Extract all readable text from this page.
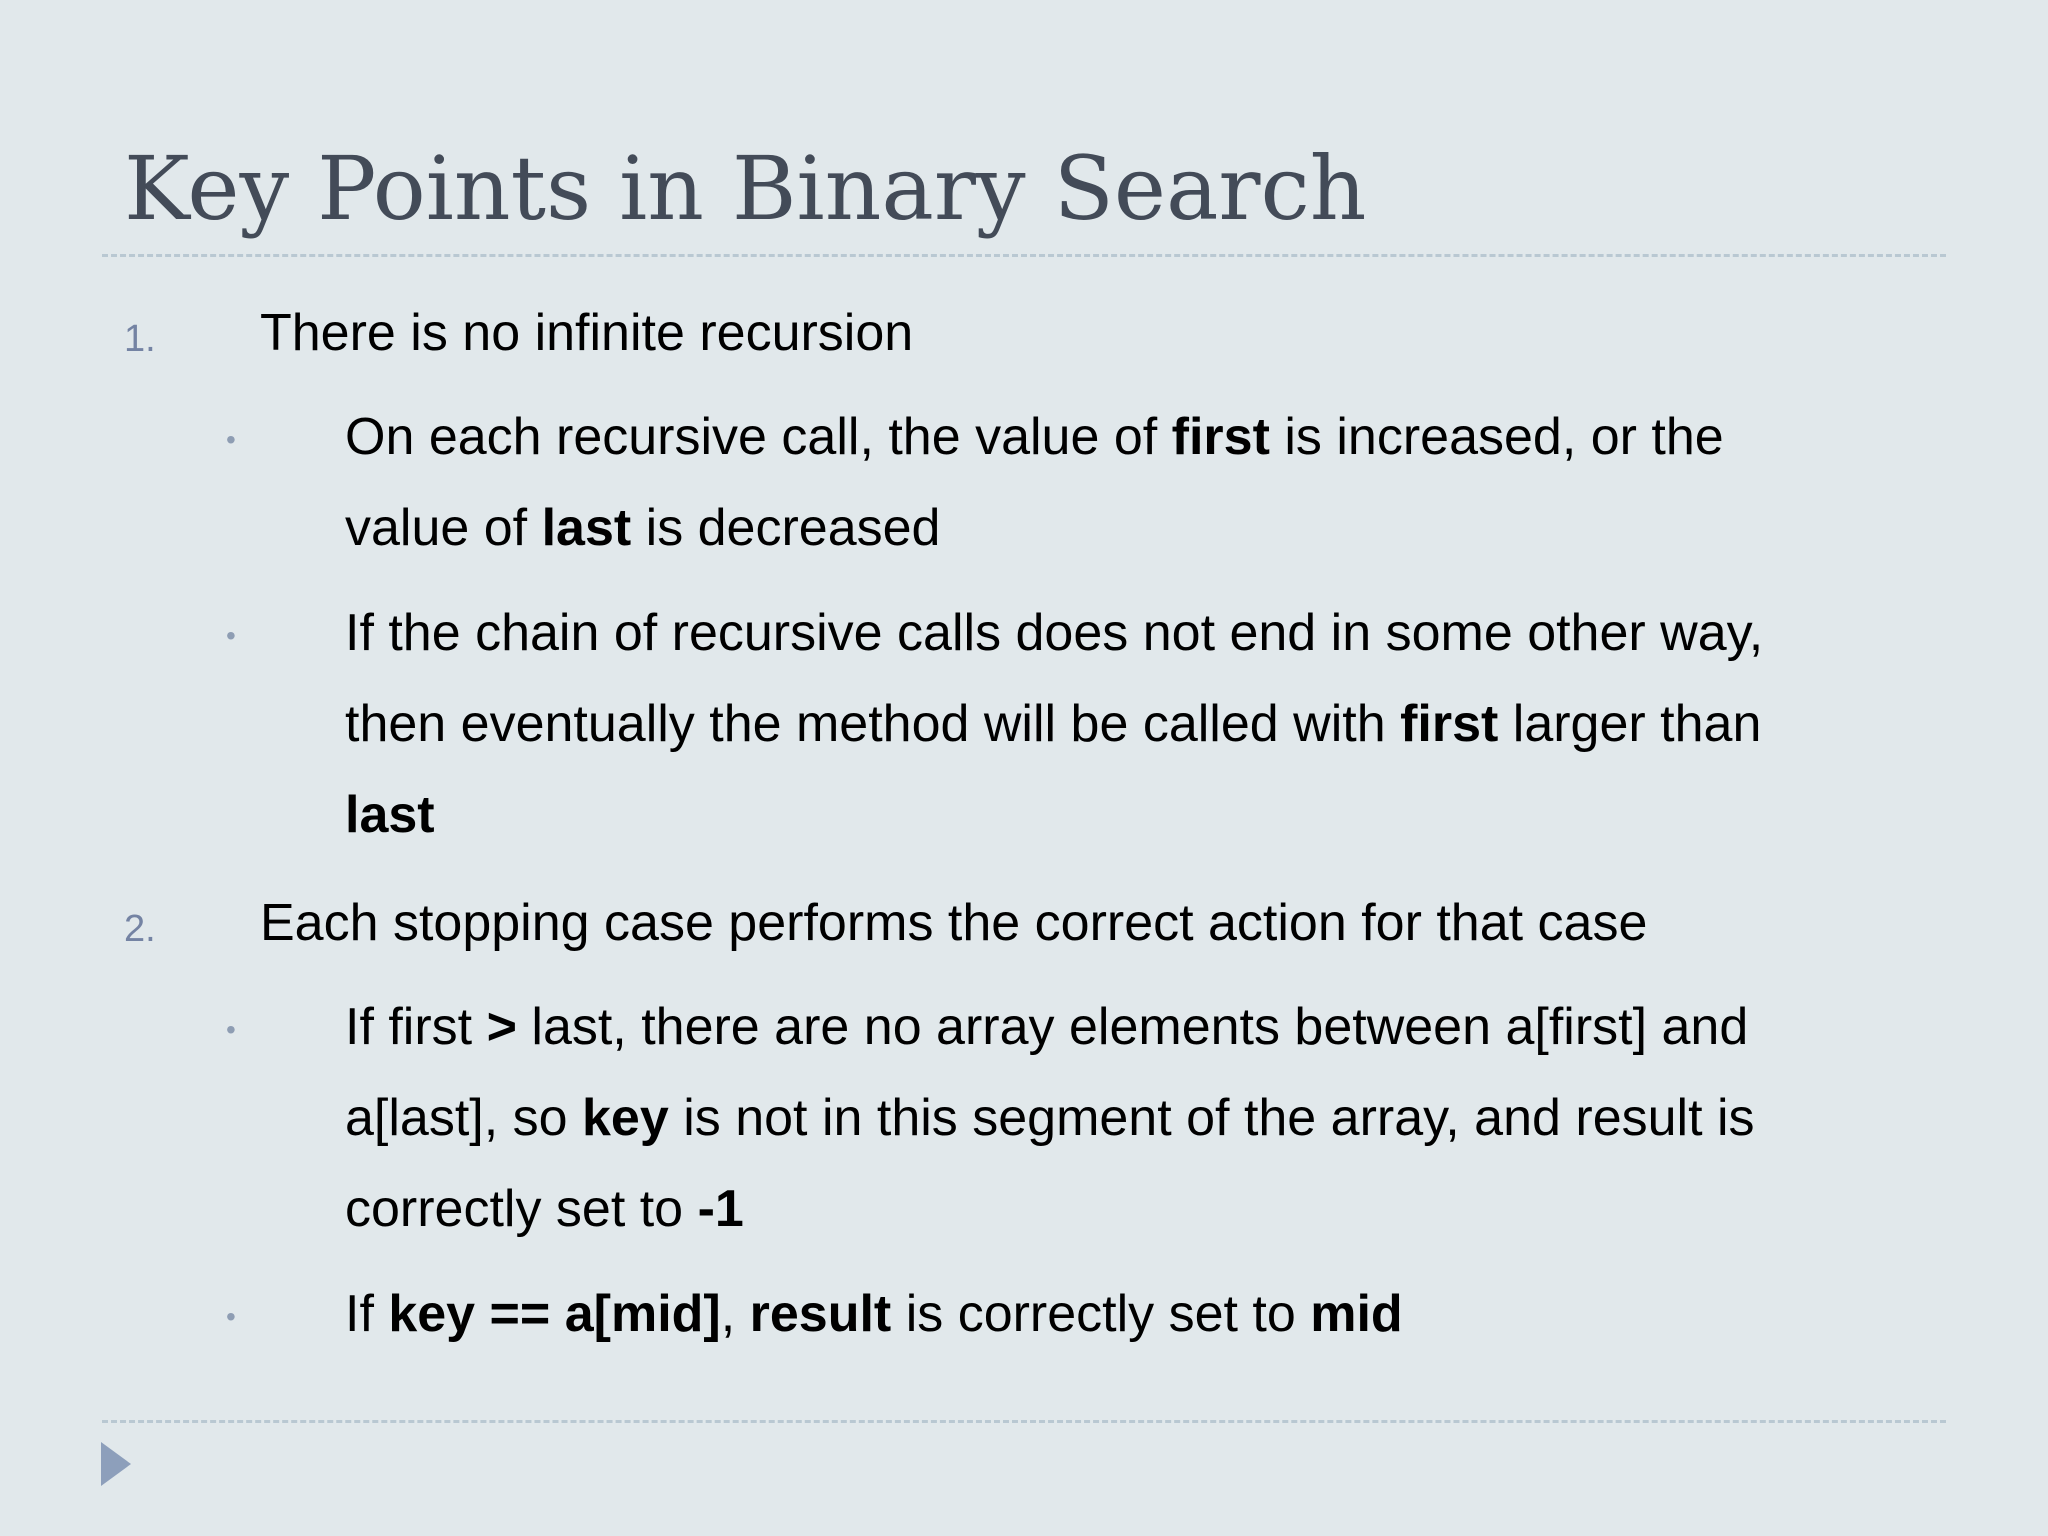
Key Points in Binary Search
1. There is no infinite recursion
• On each recursive call, the value of first is increased, or the value of last is decreased
• If the chain of recursive calls does not end in some other way, then eventually the method will be called with first larger than last
2. Each stopping case performs the correct action for that case
• If first > last, there are no array elements between a[first] and a[last], so key is not in this segment of the array, and result is correctly set to -1
• If key == a[mid], result is correctly set to mid
